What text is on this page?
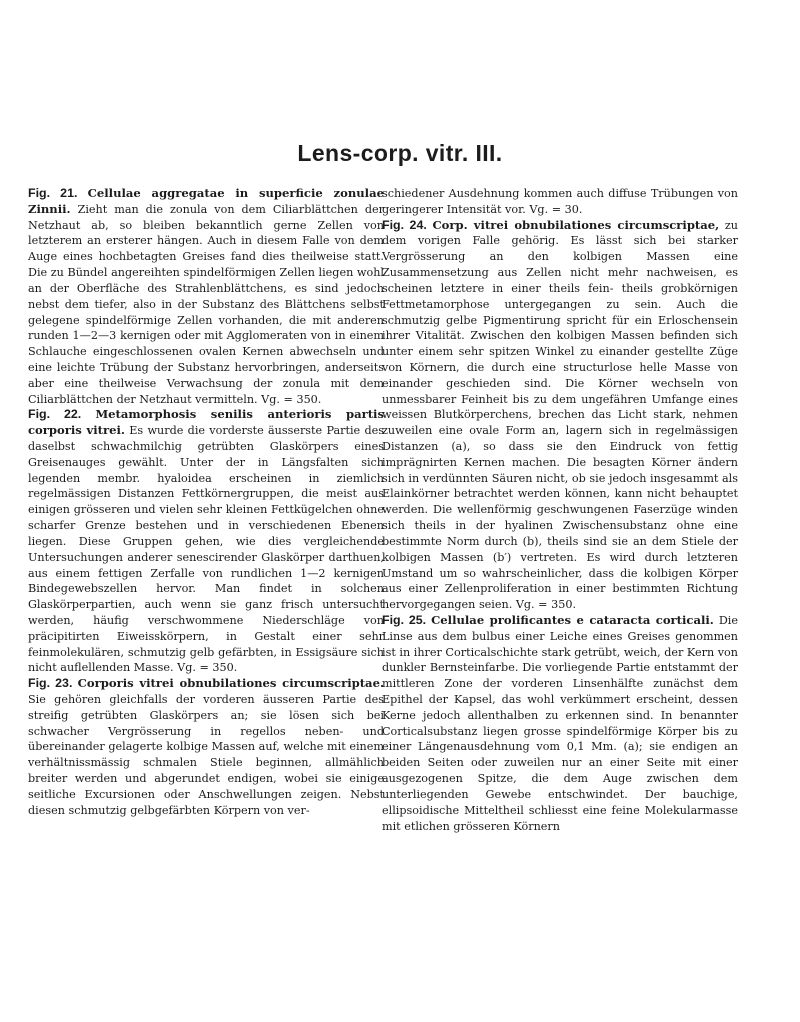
Lens-corp. vitr. III.

Fig. 21. Cellulae aggregatae in superficie zonulae Zinnii. Zieht man die zonula von dem Ciliarblättchen der Netzhaut ab, so bleiben bekanntlich gerne Zellen von letzterem an ersterer hängen. Auch in diesem Falle von dem Auge eines hochbetagten Greises fand dies theilweise statt. Die zu Bündel angereihten spindelförmigen Zellen liegen wohl an der Oberfläche des Strahlenblättchens, es sind jedoch nebst dem tiefer, also in der Substanz des Blättchens selbst gelegene spindelförmige Zellen vorhanden, die mit anderen runden 1—2—3 kernigen oder mit Agglomeraten von in einem Schlauche eingeschlossenen ovalen Kernen abwechseln und eine leichte Trübung der Substanz hervorbringen, anderseits aber eine theilweise Verwachsung der zonula mit dem Ciliarblättchen der Netzhaut vermitteln. Vg. = 350.

Fig. 22. Metamorphosis senilis anterioris partis corporis vitrei. Es wurde die vorderste äusserste Partie des daselbst schwachmilchig getrübten Glaskörpers eines Greisenauges gewählt. Unter der in Längsfalten sich legenden membr. hyaloidea erscheinen in ziemlich regelmässigen Distanzen Fettkörnergruppen, die meist aus einigen grösseren und vielen sehr kleinen Fettkügelchen ohne scharfer Grenze bestehen und in verschiedenen Ebenen liegen. Diese Gruppen gehen, wie dies vergleichende Untersuchungen anderer senescirender Glaskörper darthuen, aus einem fettigen Zerfalle von rundlichen 1—2 kernigen Bindegewebszellen hervor. Man findet in solchen Glaskörperpartien, auch wenn sie ganz frisch untersucht werden, häufig verschwommene Niederschläge von präcipitirten Eiweisskörpern, in Gestalt einer sehr feinmolekulären, schmutzig gelb gefärbten, in Essigsäure sich nicht auflellenden Masse. Vg. = 350.

Fig. 23. Corporis vitrei obnubilationes circumscriptae. Sie gehören gleichfalls der vorderen äusseren Partie des streifig getrübten Glaskörpers an; sie lösen sich bei schwacher Vergrösserung in regellos neben- und übereinander gelagerte kolbige Massen auf, welche mit einem verhältnissmässig schmalen Stiele beginnen, allmählich breiter werden und abgerundet endigen, wobei sie einige seitliche Excursionen oder Anschwellungen zeigen. Nebst diesen schmutzig gelbgefärbten Körpern von ver-

schiedener Ausdehnung kommen auch diffuse Trübungen von geringerer Intensität vor. Vg. = 30.

Fig. 24. Corp. vitrei obnubilationes circumscriptae, zu dem vorigen Falle gehörig. Es lässt sich bei starker Vergrösserung an den kolbigen Massen eine Zusammensetzung aus Zellen nicht mehr nachweisen, es scheinen letztere in einer theils fein- theils grobkörnigen Fettmetamorphose untergegangen zu sein. Auch die schmutzig gelbe Pigmentirung spricht für ein Erloschensein ihrer Vitalität. Zwischen den kolbigen Massen befinden sich unter einem sehr spitzen Winkel zu einander gestellte Züge von Körnern, die durch eine structurlose helle Masse von einander geschieden sind. Die Körner wechseln von unmessbarer Feinheit bis zu dem ungefähren Umfange eines weissen Blutkörperchens, brechen das Licht stark, nehmen zuweilen eine ovale Form an, lagern sich in regelmässigen Distanzen (a), so dass sie den Eindruck von fettig imprägnirten Kernen machen. Die besagten Körner ändern sich in verdünnten Säuren nicht, ob sie jedoch insgesammt als Elainkörner betrachtet werden können, kann nicht behauptet werden. Die wellenförmig geschwungenen Faserzüge winden sich theils in der hyalinen Zwischensubstanz ohne eine bestimmte Norm durch (b), theils sind sie an dem Stiele der kolbigen Massen (b′) vertreten. Es wird durch letzteren Umstand um so wahrscheinlicher, dass die kolbigen Körper aus einer Zellenproliferation in einer bestimmten Richtung hervorgegangen seien. Vg. = 350.

Fig. 25. Cellulae prolificantes e cataracta corticali. Die Linse aus dem bulbus einer Leiche eines Greises genommen ist in ihrer Corticalschichte stark getrübt, weich, der Kern von dunkler Bernsteinfarbe. Die vorliegende Partie entstammt der mittleren Zone der vorderen Linsenhälfte zunächst dem Epithel der Kapsel, das wohl verkümmert erscheint, dessen Kerne jedoch allenthalben zu erkennen sind. In benannter Corticalsubstanz liegen grosse spindelförmige Körper bis zu einer Längenausdehnung vom 0,1 Mm. (a); sie endigen an beiden Seiten oder zuweilen nur an einer Seite mit einer ausgezogenen Spitze, die dem Auge zwischen dem unterliegenden Gewebe entschwindet. Der bauchige, ellipsoidische Mitteltheil schliesst eine feine Molekularmasse mit etlichen grösseren Körnern
